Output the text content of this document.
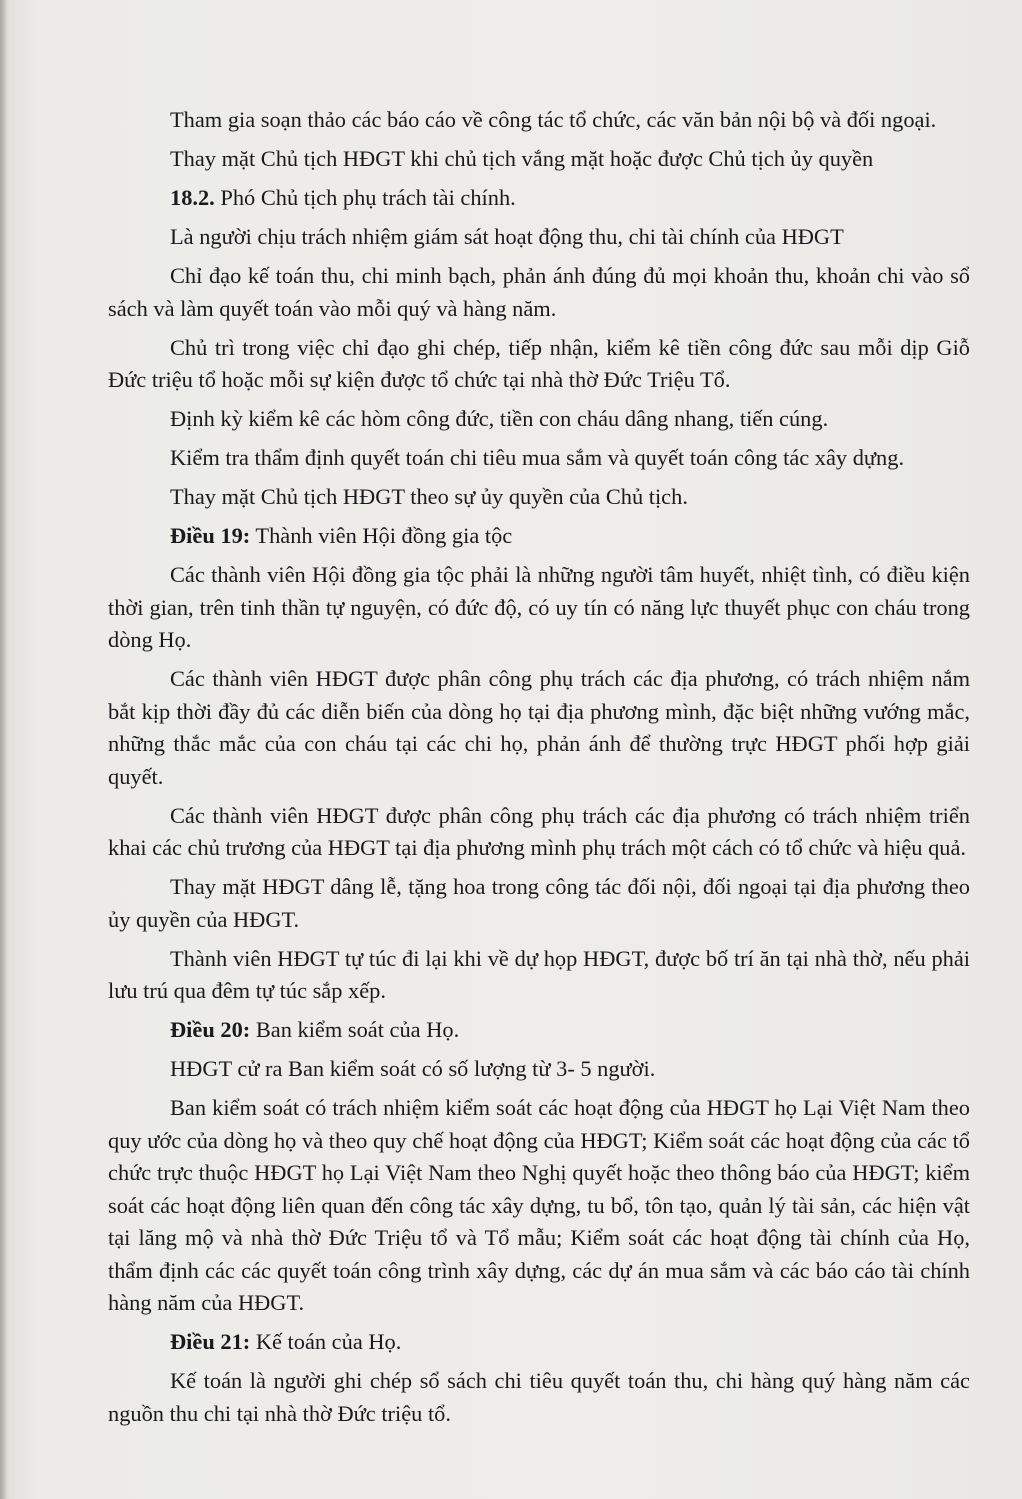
Tham gia soạn thảo các báo cáo về công tác tổ chức, các văn bản nội bộ và đối ngoại.

Thay mặt Chủ tịch HĐGT khi chủ tịch vắng mặt hoặc được Chủ tịch ủy quyền

18.2. Phó Chủ tịch phụ trách tài chính.

Là người chịu trách nhiệm giám sát hoạt động thu, chi tài chính của HĐGT

Chỉ đạo kế toán thu, chi minh bạch, phản ánh đúng đủ mọi khoản thu, khoản chi vào sổ sách và làm quyết toán vào mỗi quý và hàng năm.

Chủ trì trong việc chỉ đạo ghi chép, tiếp nhận, kiểm kê tiền công đức sau mỗi dịp Giỗ Đức triệu tổ hoặc mỗi sự kiện được tổ chức tại nhà thờ Đức Triệu Tổ.

Định kỳ kiểm kê các hòm công đức, tiền con cháu dâng nhang, tiến cúng.

Kiểm tra thẩm định quyết toán chi tiêu mua sắm và quyết toán công tác xây dựng.

Thay mặt Chủ tịch HĐGT theo sự ủy quyền của Chủ tịch.

Điều 19: Thành viên Hội đồng gia tộc

Các thành viên Hội đồng gia tộc phải là những người tâm huyết, nhiệt tình, có điều kiện thời gian, trên tinh thần tự nguyện, có đức độ, có uy tín có năng lực thuyết phục con cháu trong dòng Họ.

Các thành viên HĐGT được phân công phụ trách các địa phương, có trách nhiệm nắm bắt kịp thời đầy đủ các diễn biến của dòng họ tại địa phương mình, đặc biệt những vướng mắc, những thắc mắc của con cháu tại các chi họ, phản ánh để thường trực HĐGT phối hợp giải quyết.

Các thành viên HĐGT được phân công phụ trách các địa phương có trách nhiệm triển khai các chủ trương của HĐGT tại địa phương mình phụ trách một cách có tổ chức và hiệu quả.

Thay mặt HĐGT dâng lễ, tặng hoa trong công tác đối nội, đối ngoại tại địa phương theo ủy quyền của HĐGT.

Thành viên HĐGT tự túc đi lại khi về dự họp HĐGT, được bố trí ăn tại nhà thờ, nếu phải lưu trú qua đêm tự túc sắp xếp.

Điều 20: Ban kiểm soát của Họ.

HĐGT cử ra Ban kiểm soát có số lượng từ 3- 5 người.

Ban kiểm soát có trách nhiệm kiểm soát các hoạt động của HĐGT họ Lại Việt Nam theo quy ước của dòng họ và theo quy chế hoạt động của HĐGT; Kiểm soát các hoạt động của các tổ chức trực thuộc HĐGT họ Lại Việt Nam theo Nghị quyết hoặc theo thông báo của HĐGT; kiểm soát các hoạt động liên quan đến công tác xây dựng, tu bổ, tôn tạo, quản lý tài sản, các hiện vật tại lăng mộ và nhà thờ Đức Triệu tổ và Tổ mẫu; Kiểm soát các hoạt động tài chính của Họ, thẩm định các các quyết toán công trình xây dựng, các dự án mua sắm và các báo cáo tài chính hàng năm của HĐGT.

Điều 21: Kế toán của Họ.

Kế toán là người ghi chép sổ sách chi tiêu quyết toán thu, chi hàng quý hàng năm các nguồn thu chi tại nhà thờ Đức triệu tổ.
